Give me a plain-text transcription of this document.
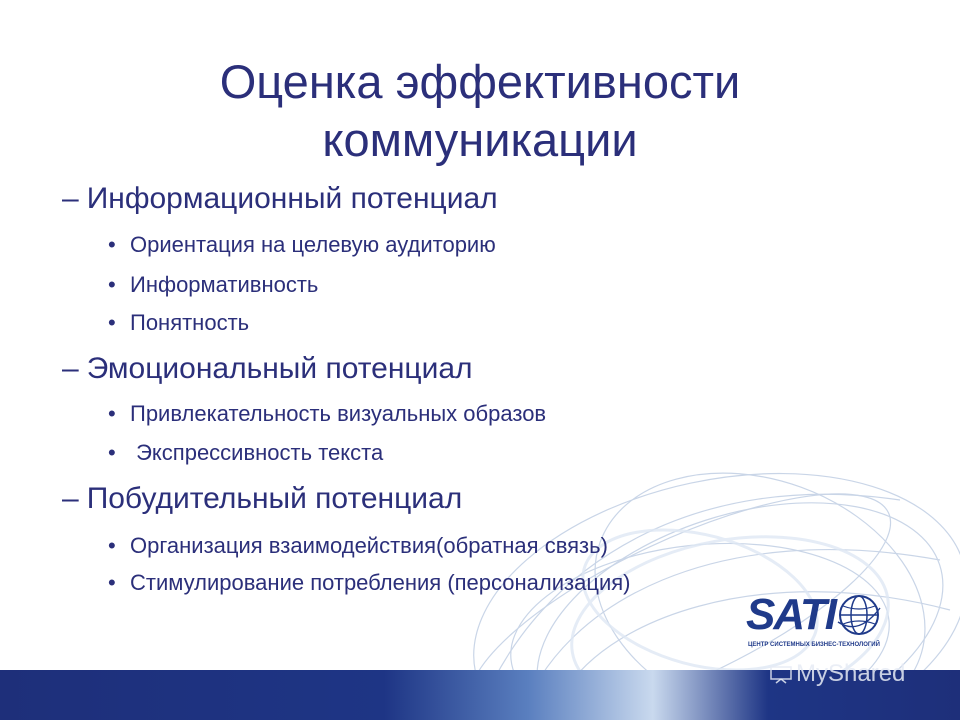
Оценка эффективности
коммуникации
– Информационный потенциал
• Ориентация на целевую аудиторию
• Информативность
• Понятность
– Эмоциональный потенциал
• Привлекательность визуальных образов
• Экспрессивность текста
– Побудительный потенциал
• Организация взаимодействия(обратная связь)
• Стимулирование потребления (персонализация)
SATI
ЦЕНТР СИСТЕМНЫХ БИЗНЕС-ТЕХНОЛОГИЙ
MyShared
